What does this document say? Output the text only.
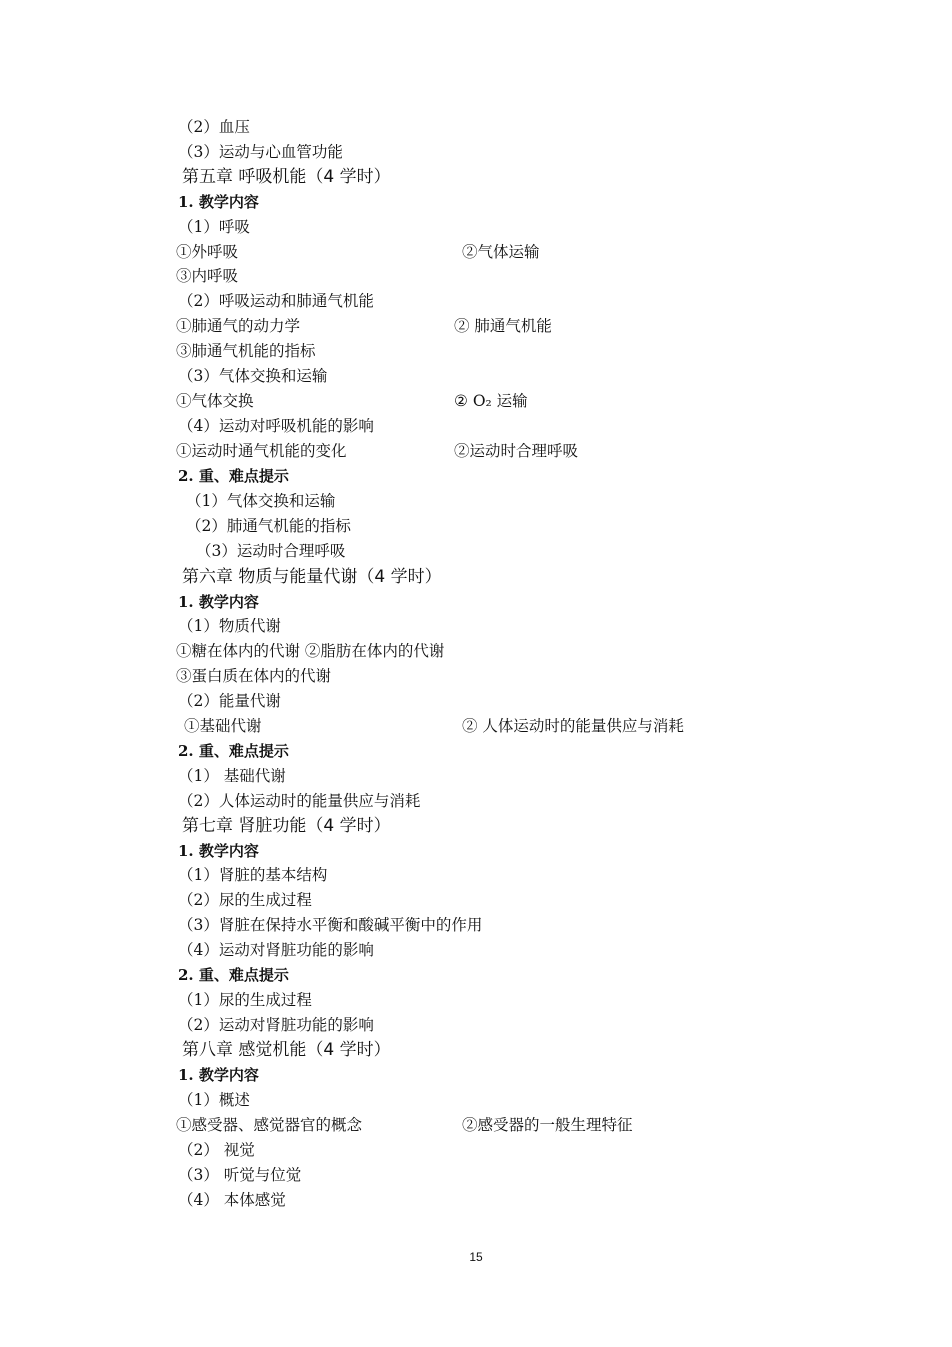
（2）血压
（3）运动与心血管功能
第五章 呼吸机能（4 学时）
1. 教学内容
（1）呼吸
①外呼吸	②气体运输
③内呼吸
（2）呼吸运动和肺通气机能
①肺通气的动力学	② 肺通气机能
③肺通气机能的指标
（3）气体交换和运输
①气体交换	② O₂ 运输
（4）运动对呼吸机能的影响
①运动时通气机能的变化	②运动时合理呼吸
2. 重、难点提示
（1）气体交换和运输
（2）肺通气机能的指标
（3）运动时合理呼吸
第六章 物质与能量代谢（4 学时）
1. 教学内容
（1）物质代谢
①糖在体内的代谢 ②脂肪在体内的代谢
③蛋白质在体内的代谢
（2）能量代谢
①基础代谢	② 人体运动时的能量供应与消耗
2. 重、难点提示
（1） 基础代谢
（2）人体运动时的能量供应与消耗
第七章 肾脏功能（4 学时）
1. 教学内容
（1）肾脏的基本结构
（2）尿的生成过程
（3）肾脏在保持水平衡和酸碱平衡中的作用
（4）运动对肾脏功能的影响
2. 重、难点提示
（1）尿的生成过程
（2）运动对肾脏功能的影响
第八章 感觉机能（4 学时）
1. 教学内容
（1）概述
①感受器、感觉器官的概念	②感受器的一般生理特征
（2） 视觉
（3） 听觉与位觉
（4） 本体感觉
15
